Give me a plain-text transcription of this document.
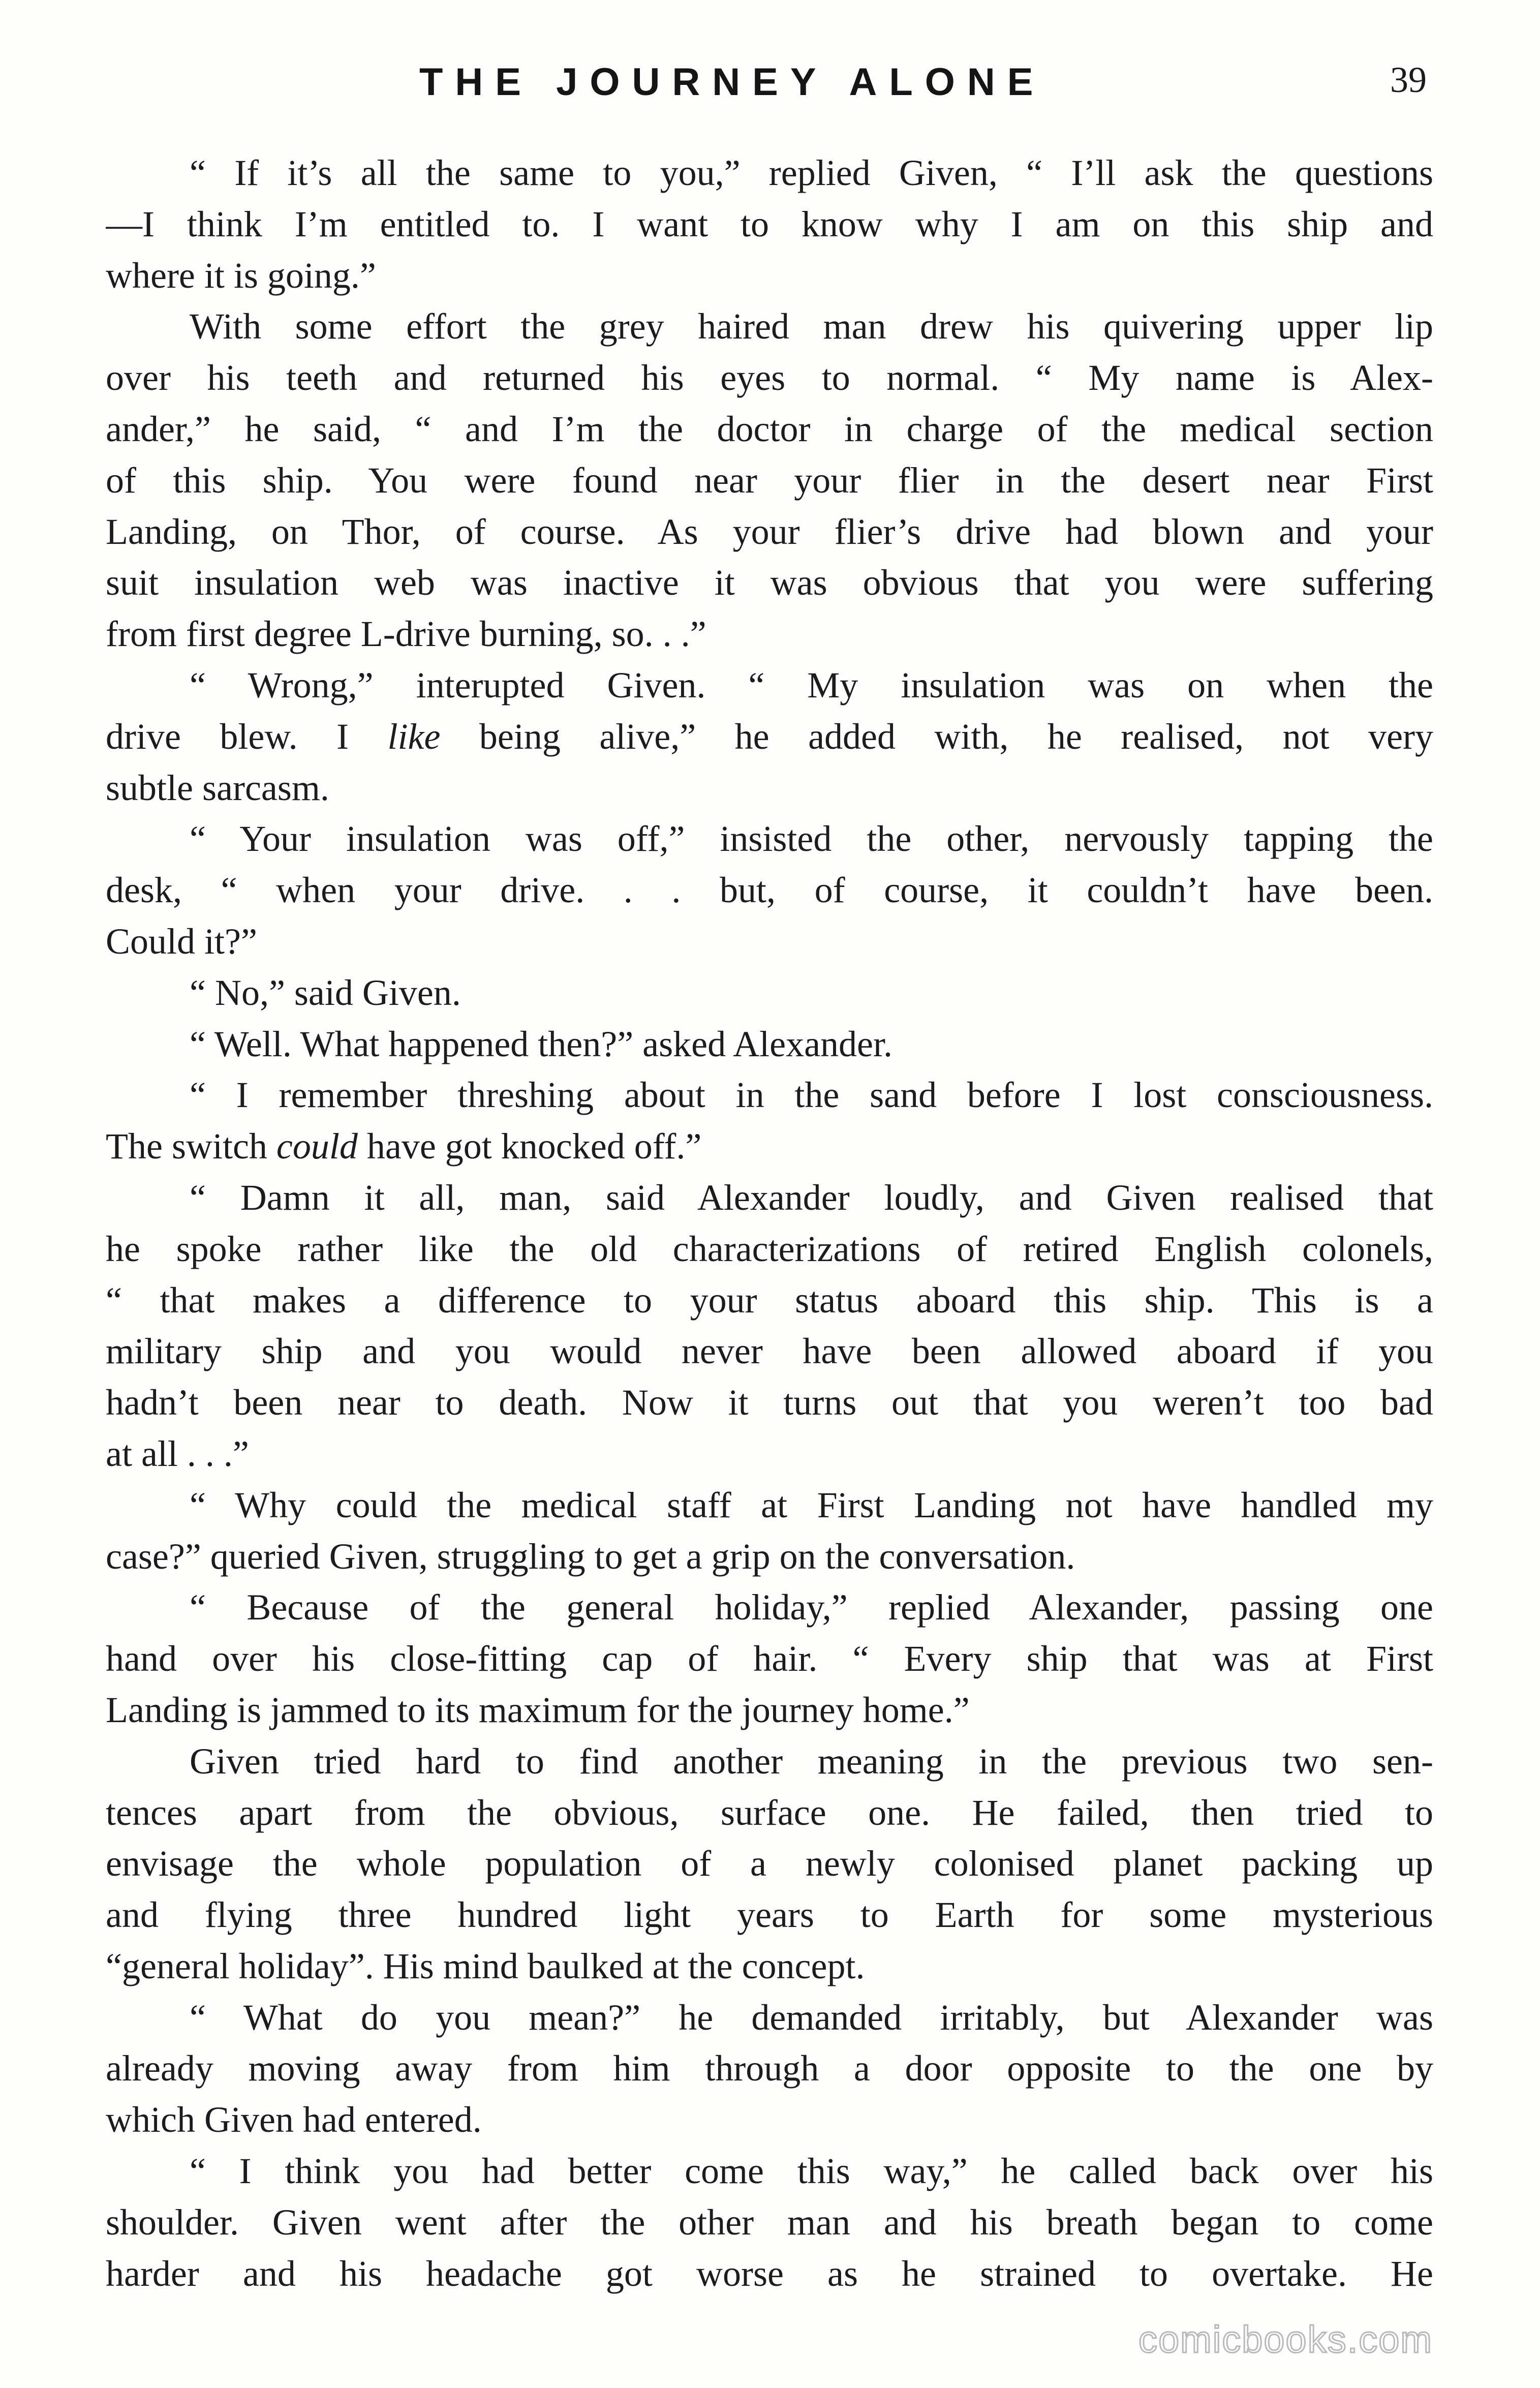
THE JOURNEY ALONE	39
“ If it’s all the same to you,” replied Given, “ I’ll ask the questions
—I think I’m entitled to. I want to know why I am on this ship and
where it is going.”
With some effort the grey haired man drew his quivering upper lip
over his teeth and returned his eyes to normal. “ My name is Alex-
ander,” he said, “ and I’m the doctor in charge of the medical section
of this ship. You were found near your flier in the desert near First
Landing, on Thor, of course. As your flier’s drive had blown and your
suit insulation web was inactive it was obvious that you were suffering
from first degree L-drive burning, so. . .”
“ Wrong,” interupted Given. “ My insulation was on when the
drive blew. I like being alive,” he added with, he realised, not very
subtle sarcasm.
“ Your insulation was off,” insisted the other, nervously tapping the
desk, “ when your drive. . . but, of course, it couldn’t have been.
Could it?”
“ No,” said Given.
“ Well. What happened then?” asked Alexander.
“ I remember threshing about in the sand before I lost consciousness.
The switch could have got knocked off.”
“ Damn it all, man, said Alexander loudly, and Given realised that
he spoke rather like the old characterizations of retired English colonels,
“ that makes a difference to your status aboard this ship. This is a
military ship and you would never have been allowed aboard if you
hadn’t been near to death. Now it turns out that you weren’t too bad
at all . . .”
“ Why could the medical staff at First Landing not have handled my
case?” queried Given, struggling to get a grip on the conversation.
“ Because of the general holiday,” replied Alexander, passing one
hand over his close-fitting cap of hair. “ Every ship that was at First
Landing is jammed to its maximum for the journey home.”
Given tried hard to find another meaning in the previous two sen-
tences apart from the obvious, surface one. He failed, then tried to
envisage the whole population of a newly colonised planet packing up
and flying three hundred light years to Earth for some mysterious
“general holiday”. His mind baulked at the concept.
“ What do you mean?” he demanded irritably, but Alexander was
already moving away from him through a door opposite to the one by
which Given had entered.
“ I think you had better come this way,” he called back over his
shoulder. Given went after the other man and his breath began to come
harder and his headache got worse as he strained to overtake. He
comicbooks.com
